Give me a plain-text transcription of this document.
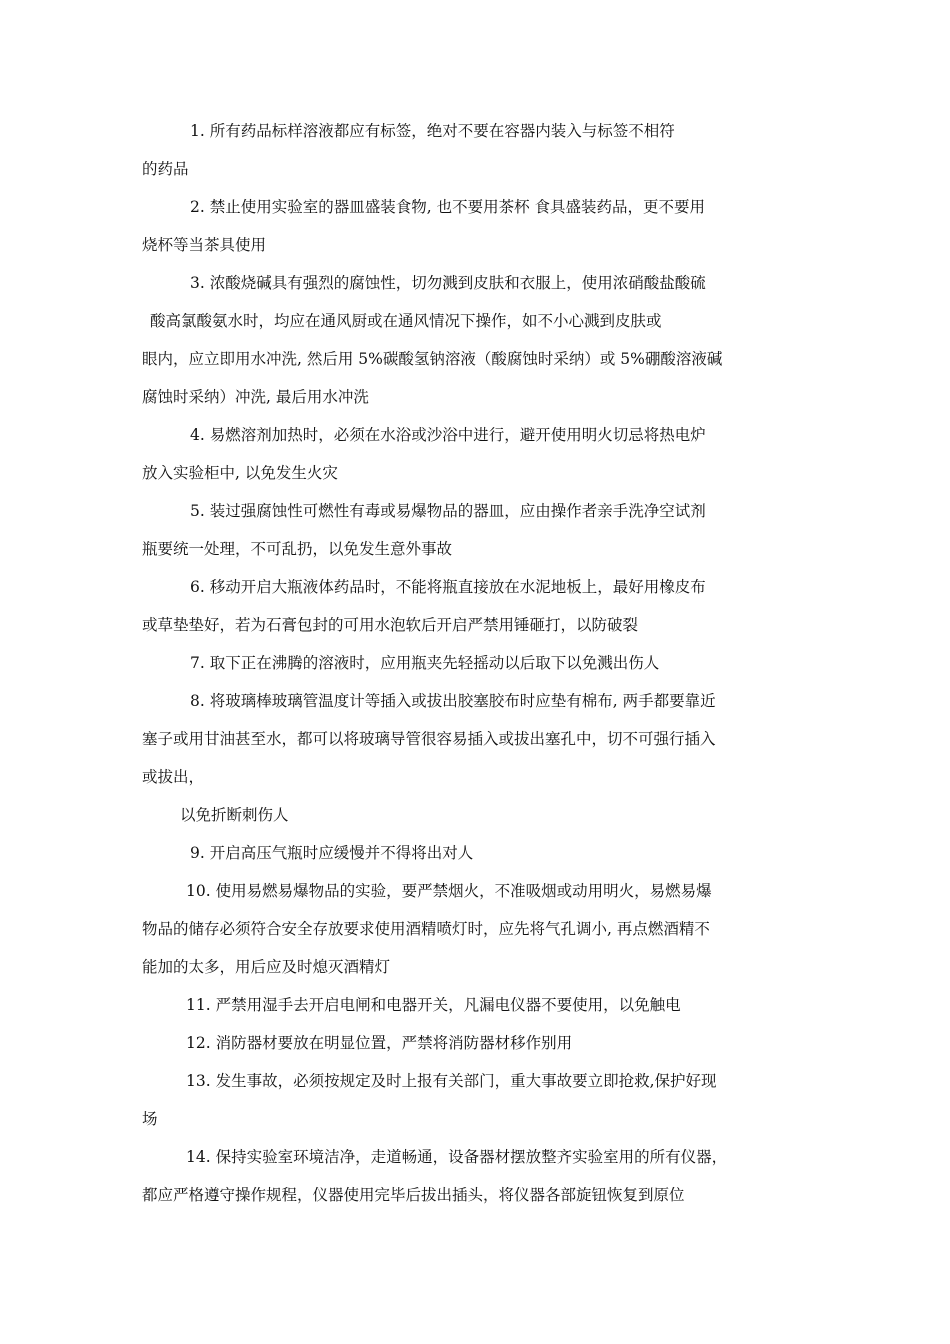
1. 所有药品标样溶液都应有标签，绝对不要在容器内装入与标签不相符
的药品
2. 禁止使用实验室的器皿盛装食物, 也不要用茶杯 食具盛装药品，更不要用
烧杯等当茶具使用
3. 浓酸烧碱具有强烈的腐蚀性，切勿溅到皮肤和衣服上，使用浓硝酸盐酸硫
酸高氯酸氨水时，均应在通风厨或在通风情况下操作，如不小心溅到皮肤或
眼内，应立即用水冲洗, 然后用 5%碳酸氢钠溶液（酸腐蚀时采纳）或 5%硼酸溶液碱
腐蚀时采纳）冲洗, 最后用水冲洗
4. 易燃溶剂加热时，必须在水浴或沙浴中进行，避开使用明火切忌将热电炉
放入实验柜中, 以免发生火灾
5. 装过强腐蚀性可燃性有毒或易爆物品的器皿，应由操作者亲手洗净空试剂
瓶要统一处理，不可乱扔，以免发生意外事故
6. 移动开启大瓶液体药品时，不能将瓶直接放在水泥地板上，最好用橡皮布
或草垫垫好，若为石膏包封的可用水泡软后开启严禁用锤砸打，以防破裂
7. 取下正在沸腾的溶液时，应用瓶夹先轻摇动以后取下以免溅出伤人
8. 将玻璃棒玻璃管温度计等插入或拔出胶塞胶布时应垫有棉布, 两手都要靠近
塞子或用甘油甚至水，都可以将玻璃导管很容易插入或拔出塞孔中，切不可强行插入
或拔出，
以免折断刺伤人
9. 开启高压气瓶时应缓慢并不得将出对人
10. 使用易燃易爆物品的实验，要严禁烟火，不准吸烟或动用明火，易燃易爆
物品的储存必须符合安全存放要求使用酒精喷灯时，应先将气孔调小, 再点燃酒精不
能加的太多，用后应及时熄灭酒精灯
11. 严禁用湿手去开启电闸和电器开关，凡漏电仪器不要使用，以免触电
12. 消防器材要放在明显位置，严禁将消防器材移作别用
13. 发生事故，必须按规定及时上报有关部门，重大事故要立即抢救,保护好现
场
14. 保持实验室环境洁净，走道畅通，设备器材摆放整齐实验室用的所有仪器，
都应严格遵守操作规程，仪器使用完毕后拔出插头，将仪器各部旋钮恢复到原位
